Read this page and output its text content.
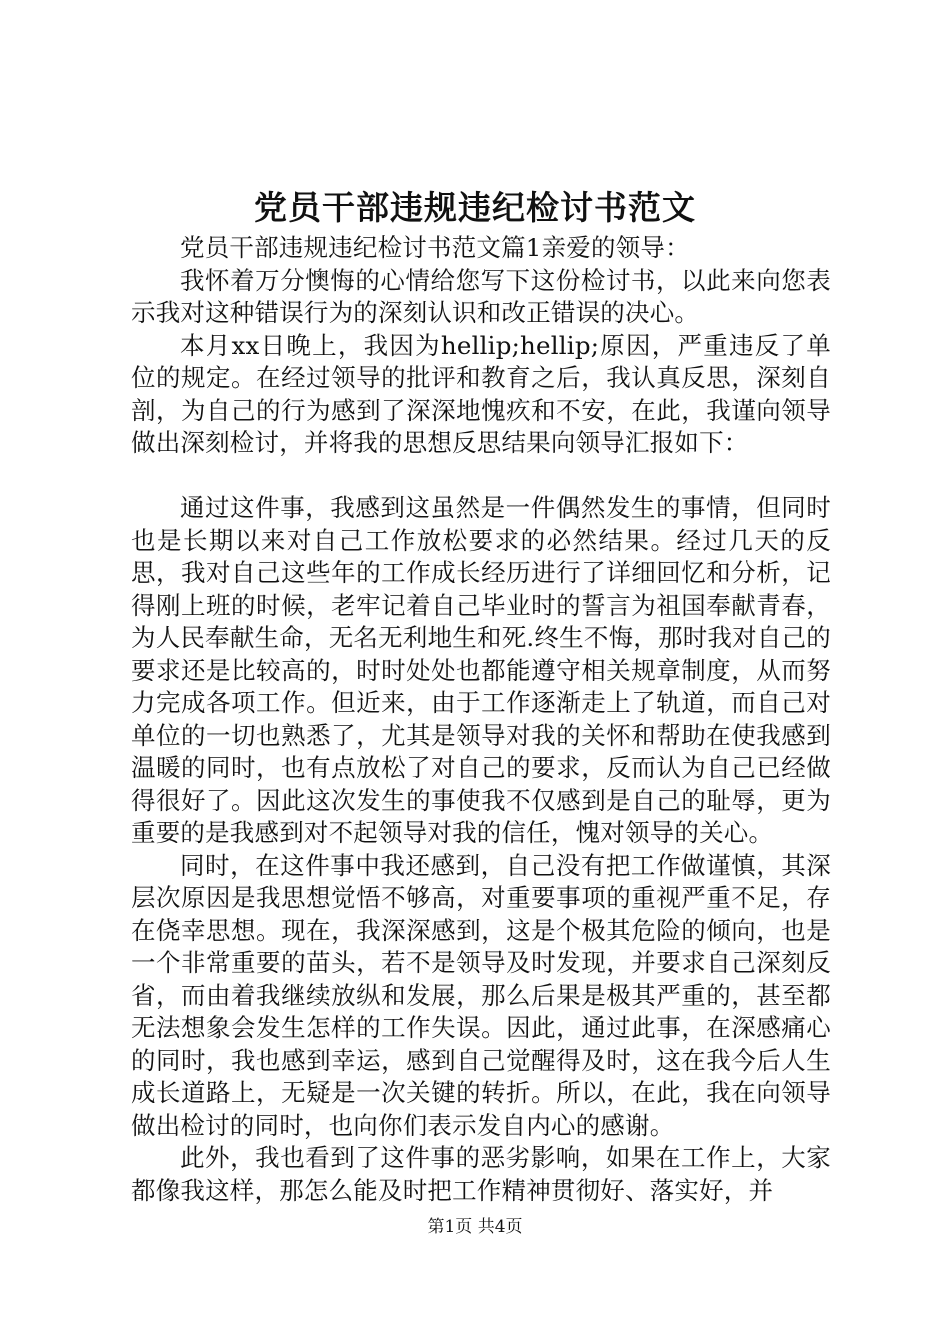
党员干部违规违纪检讨书范文

党员干部违规违纪检讨书范文篇1亲爱的领导：

我怀着万分懊悔的心情给您写下这份检讨书，以此来向您表示我对这种错误行为的深刻认识和改正错误的决心。

本月xx日晚上，我因为hellip;hellip;原因，严重违反了单位的规定。在经过领导的批评和教育之后，我认真反思，深刻自剖，为自己的行为感到了深深地愧疚和不安，在此，我谨向领导做出深刻检讨，并将我的思想反思结果向领导汇报如下：

通过这件事，我感到这虽然是一件偶然发生的事情，但同时也是长期以来对自己工作放松要求的必然结果。经过几天的反思，我对自己这些年的工作成长经历进行了详细回忆和分析，记得刚上班的时候，老牢记着自己毕业时的誓言为祖国奉献青春，为人民奉献生命，无名无利地生和死.终生不悔，那时我对自己的要求还是比较高的，时时处处也都能遵守相关规章制度，从而努力完成各项工作。但近来，由于工作逐渐走上了轨道，而自己对单位的一切也熟悉了，尤其是领导对我的关怀和帮助在使我感到温暖的同时，也有点放松了对自己的要求，反而认为自己已经做得很好了。因此这次发生的事使我不仅感到是自己的耻辱，更为重要的是我感到对不起领导对我的信任，愧对领导的关心。

同时，在这件事中我还感到，自己没有把工作做谨慎，其深层次原因是我思想觉悟不够高，对重要事项的重视严重不足，存在侥幸思想。现在，我深深感到，这是个极其危险的倾向，也是一个非常重要的苗头，若不是领导及时发现，并要求自己深刻反省，而由着我继续放纵和发展，那么后果是极其严重的，甚至都无法想象会发生怎样的工作失误。因此，通过此事，在深感痛心的同时，我也感到幸运，感到自己觉醒得及时，这在我今后人生成长道路上，无疑是一次关键的转折。所以，在此，我在向领导做出检讨的同时，也向你们表示发自内心的感谢。

此外，我也看到了这件事的恶劣影响，如果在工作上，大家都像我这样，那怎么能及时把工作精神贯彻好、落实好，并

第1页 共4页
